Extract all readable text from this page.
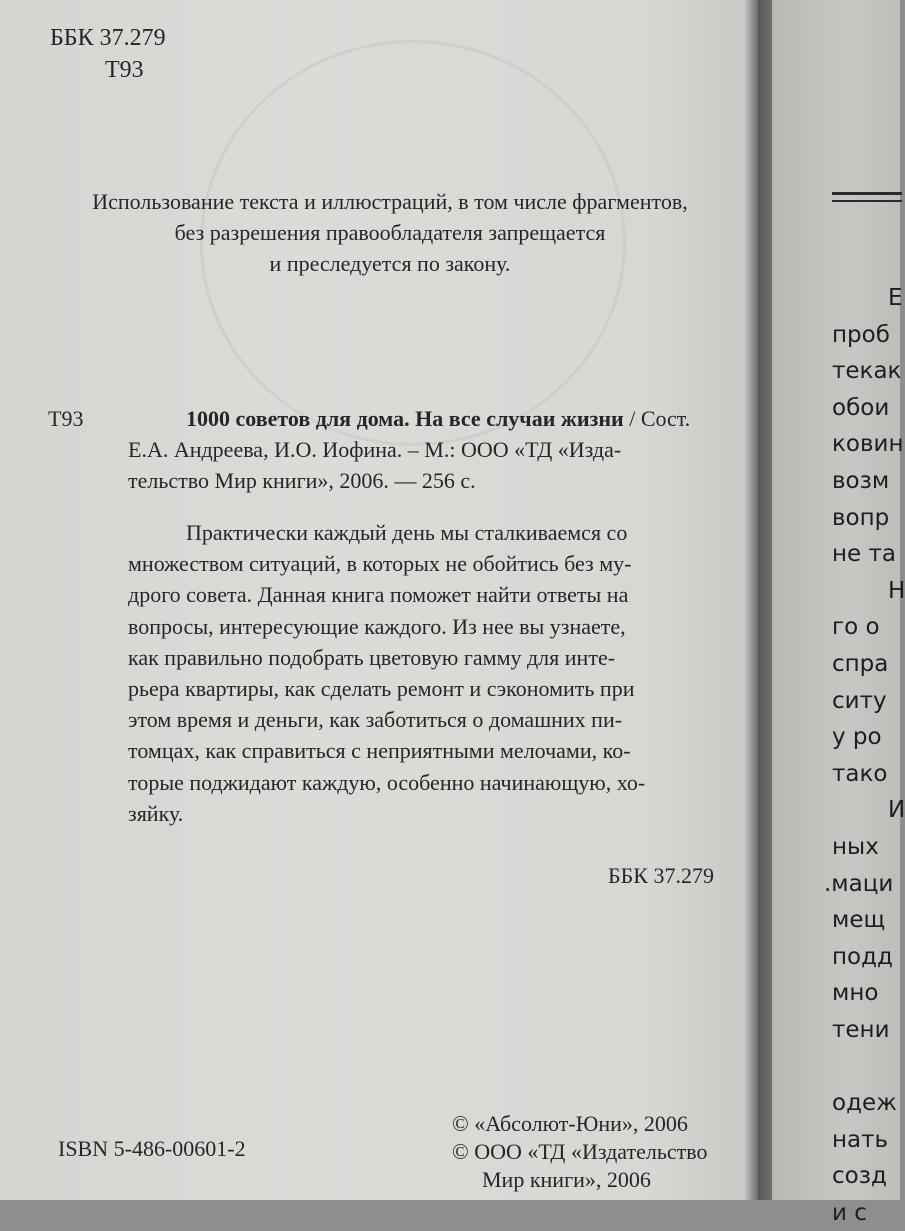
ББК 37.279
Т93
Использование текста и иллюстраций, в том числе фрагментов,
без разрешения правообладателя запрещается
и преследуется по закону.
Т93	1000 советов для дома. На все случаи жизни / Сост.
Е.А. Андреева, И.О. Иофина. – М.: ООО «ТД «Изда-
тельство Мир книги», 2006. — 256 с.
Практически каждый день мы сталкиваемся со
множеством ситуаций, в которых не обойтись без му-
дрого совета. Данная книга поможет найти ответы на
вопросы, интересующие каждого. Из нее вы узнаете,
как правильно подобрать цветовую гамму для инте-
рьера квартиры, как сделать ремонт и сэкономить при
этом время и деньги, как заботиться о домашних пи-
томцах, как справиться с неприятными мелочами, ко-
торые поджидают каждую, особенно начинающую, хо-
зяйку.
ББК 37.279
ISBN 5-486-00601-2
© «Абсолют-Юни», 2006
© ООО «ТД «Издательство
Мир книги», 2006
Е
проб
текак
обои
ковин
возм
вопр
не та
Н
го о
спра
ситу
у ро
тако
И
ных
.маци
мещ
подд
мно
тени
одеж
нать
созд
и с
